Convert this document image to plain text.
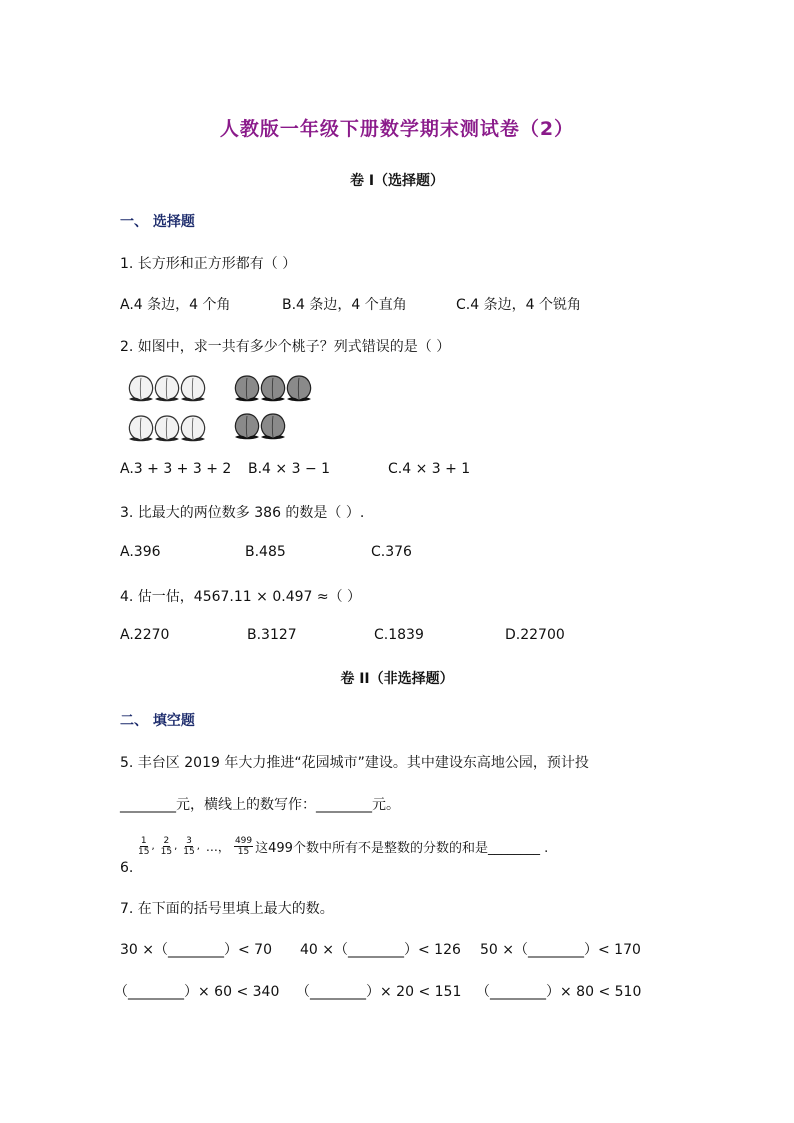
人教版一年级下册数学期末测试卷（2）
卷 I（选择题）
一、 选择题
1. 长方形和正方形都有（ ）
A.4 条边，4 个角	B.4 条边，4 个直角	C.4 条边，4 个锐角
2. 如图中，求一共有多少个桃子？列式错误的是（ ）
A.3 + 3 + 3 + 2 B.4 × 3 − 1	C.4 × 3 + 1
3. 比最大的两位数多 386 的数是（ ）.
A.396	B.485	C.376
4. 估一估，4567.11 × 0.497 ≈（ ）
A.2270	B.3127	C.1839	D.22700
卷 II（非选择题）
二、 填空题
5. 丰台区 2019 年大力推进“花园城市”建设。其中建设东高地公园，预计投
________元，横线上的数写作：________元。
$\frac{1}{15}$ , $\frac{2}{15}$ , $\frac{3}{15}$ , …， $\frac{499}{15}$ 这499个数中所有不是整数的分数的和是________ .
6.
7. 在下面的括号里填上最大的数。
30 ×（________）< 70 40 ×（________）< 126 50 ×（________）< 170
（________）× 60 < 340 （________）× 20 < 151 （________）× 80 < 510
